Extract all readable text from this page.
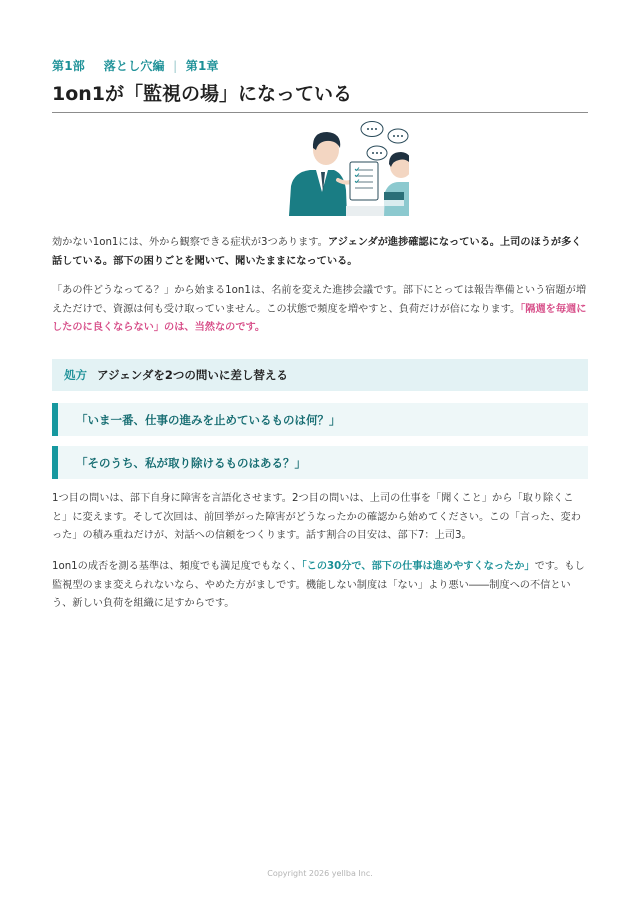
第1部 落とし穴編 | 第1章
1on1が「監視の場」になっている

効かない1on1には、外から観察できる症状が3つあります。アジェンダが進捗確認になっている。上司のほうが多く話している。部下の困りごとを聞いて、聞いたままになっている。

「あの件どうなってる？」から始まる1on1は、名前を変えた進捗会議です。部下にとっては報告準備という宿題が増えただけで、資源は何も受け取っていません。この状態で頻度を増やすと、負荷だけが倍になります。「隔週を毎週にしたのに良くならない」のは、当然なのです。

処方 アジェンダを2つの問いに差し替える
「いま一番、仕事の進みを止めているものは何？」
「そのうち、私が取り除けるものはある？」

1つ目の問いは、部下自身に障害を言語化させます。2つ目の問いは、上司の仕事を「聞くこと」から「取り除くこと」に変えます。そして次回は、前回挙がった障害がどうなったかの確認から始めてください。この「言った、変わった」の積み重ねだけが、対話への信頼をつくります。話す割合の目安は、部下7：上司3。

1on1の成否を測る基準は、頻度でも満足度でもなく、「この30分で、部下の仕事は進めやすくなったか」です。もし監視型のまま変えられないなら、やめた方がましです。機能しない制度は「ない」より悪い――制度への不信という、新しい負荷を組織に足すからです。

Copyright 2026 yellba Inc.
